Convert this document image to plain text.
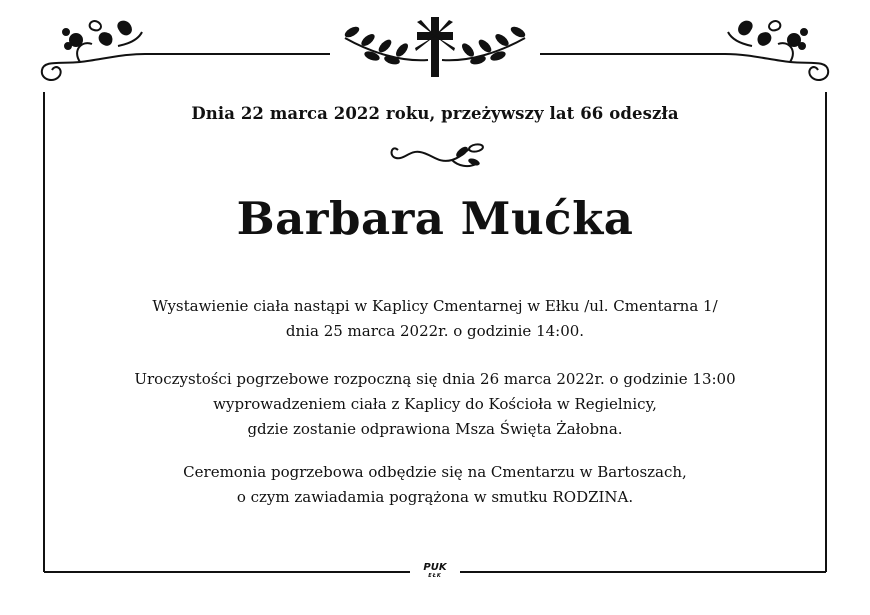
Dnia 22 marca 2022 roku, przeżywszy lat 66 odeszła
Barbara Mućka
Wystawienie ciała nastąpi w Kaplicy Cmentarnej w Ełku /ul. Cmentarna 1/
dnia 25 marca 2022r. o godzinie 14:00.
Uroczystości pogrzebowe rozpoczną się dnia 26 marca 2022r. o godzinie 13:00
wyprowadzeniem ciała z Kaplicy do Kościoła w Regielnicy,
gdzie zostanie odprawiona Msza Święta Żałobna.
Ceremonia pogrzebowa odbędzie się na Cmentarzu w Bartoszach,
o czym zawiadamia pogrążona w smutku RODZINA.
PUK
EŁK
